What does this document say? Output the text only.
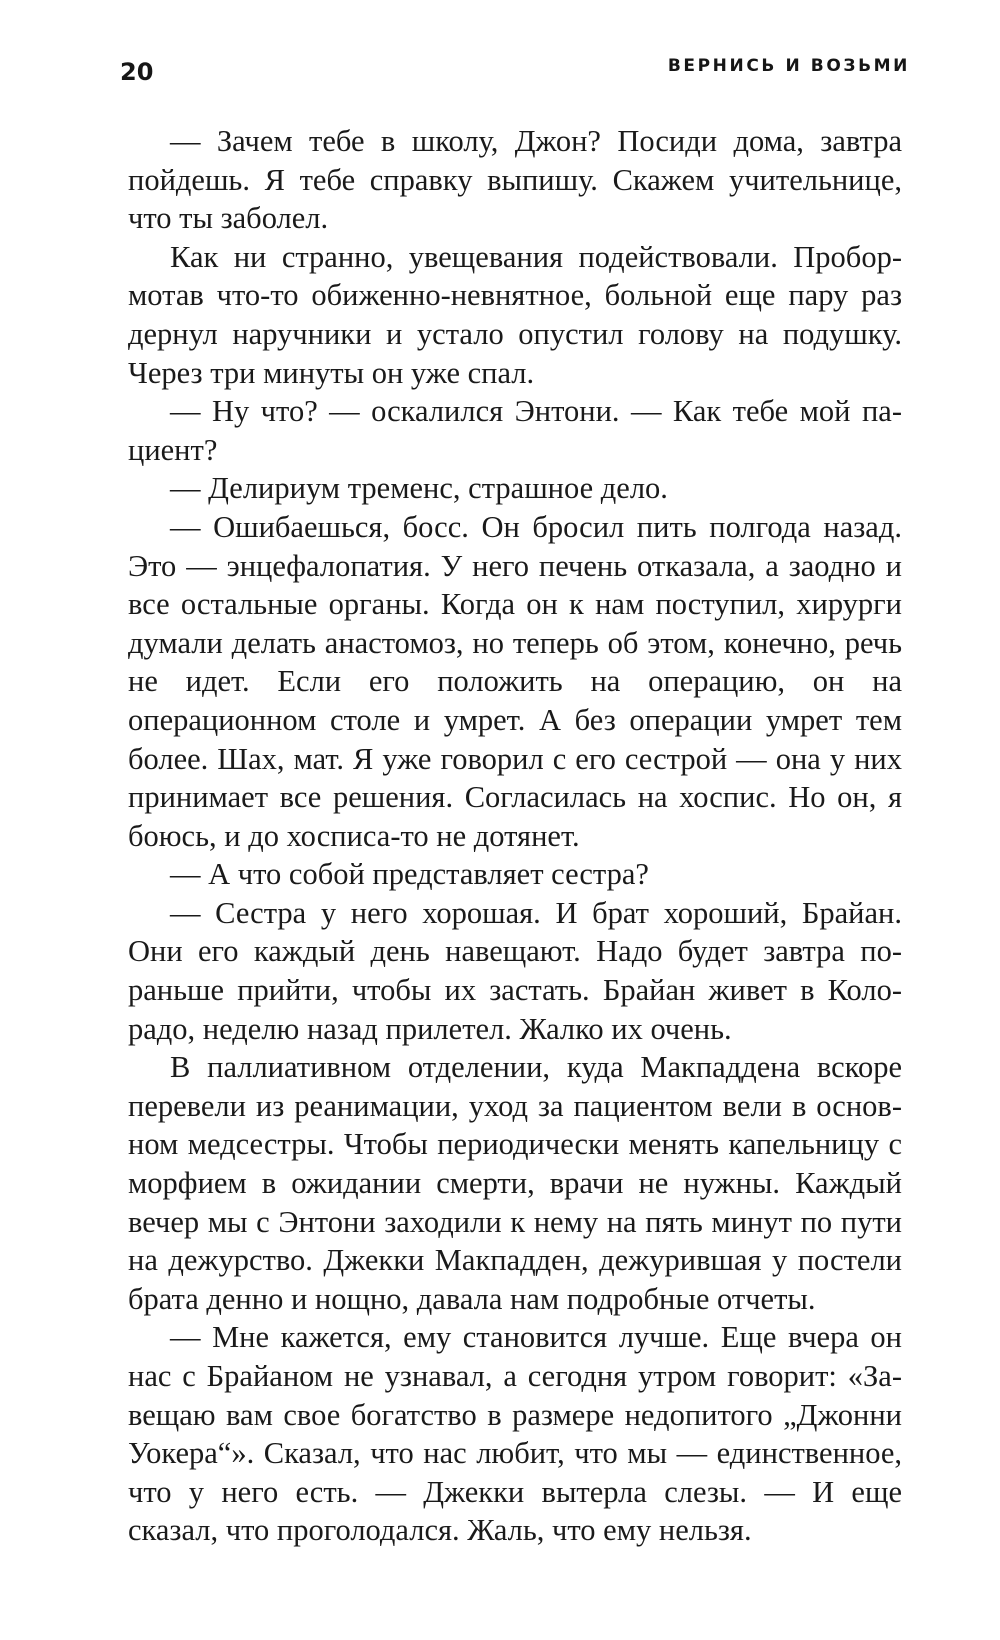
20	ВЕРНИСЬ И ВОЗЬМИ

— Зачем тебе в школу, Джон? Посиди дома, завтра пойдешь. Я тебе справку выпишу. Скажем учительнице, что ты заболел.

Как ни странно, увещевания подействовали. Пробормотав что-то обиженно-невнятное, больной еще пару раз дернул наручники и устало опустил голову на подушку. Через три минуты он уже спал.

— Ну что? — оскалился Энтони. — Как тебе мой пациент?

— Делириум тременс, страшное дело.

— Ошибаешься, босс. Он бросил пить полгода назад. Это — энцефалопатия. У него печень отказала, а заодно и все остальные органы. Когда он к нам поступил, хирурги думали делать анастомоз, но теперь об этом, конечно, речь не идет. Если его положить на операцию, он на операционном столе и умрет. А без операции умрет тем более. Шах, мат. Я уже говорил с его сестрой — она у них принимает все решения. Согласилась на хоспис. Но он, я боюсь, и до хосписа-то не дотянет.

— А что собой представляет сестра?

— Сестра у него хорошая. И брат хороший, Брайан. Они его каждый день навещают. Надо будет завтра пораньше прийти, чтобы их застать. Брайан живет в Колорадо, неделю назад прилетел. Жалко их очень.

В паллиативном отделении, куда Макпаддена вскоре перевели из реанимации, уход за пациентом вели в основном медсестры. Чтобы периодически менять капельницу с морфием в ожидании смерти, врачи не нужны. Каждый вечер мы с Энтони заходили к нему на пять минут по пути на дежурство. Джекки Макпадден, дежурившая у постели брата денно и нощно, давала нам подробные отчеты.

— Мне кажется, ему становится лучше. Еще вчера он нас с Брайаном не узнавал, а сегодня утром говорит: «Завещаю вам свое богатство в размере недопитого „Джонни Уокера“». Сказал, что нас любит, что мы — единственное, что у него есть. — Джекки вытерла слезы. — И еще сказал, что проголодался. Жаль, что ему нельзя.
